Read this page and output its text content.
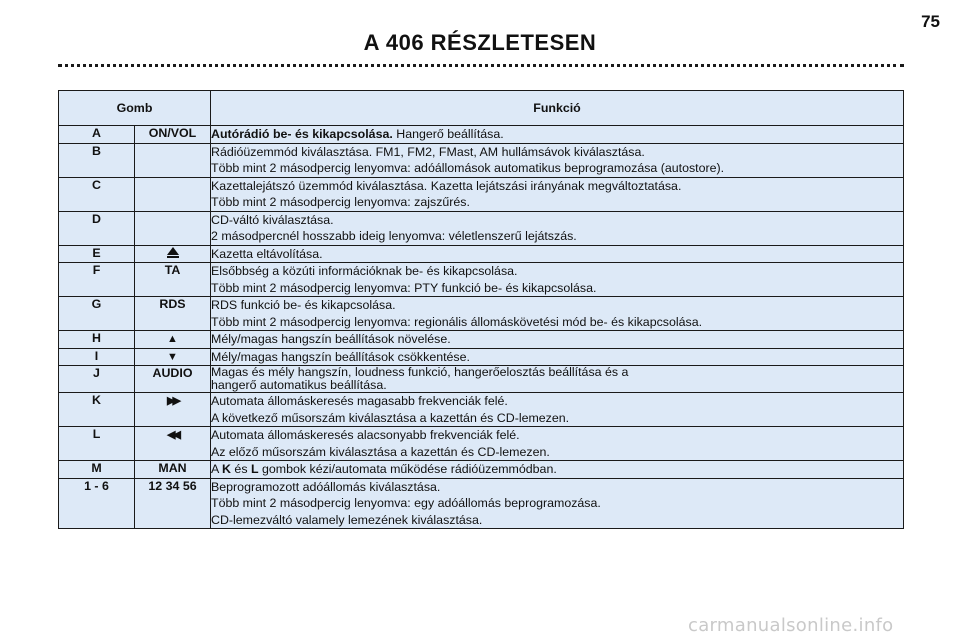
75
A 406 RÉSZLETESEN
Gomb		Funkció
A	ON/VOL	Autórádió be- és kikapcsolása. Hangerő beállítása.

B		Rádióüzemmód kiválasztása. FM1, FM2, FMast, AM hullámsávok kiválasztása.
Több mint 2 másodpercig lenyomva: adóállomások automatikus beprogramozása (autostore).

C		Kazettalejátszó üzemmód kiválasztása. Kazetta lejátszási irányának megváltoztatása.
Több mint 2 másodpercig lenyomva: zajszűrés.

D		CD-váltó kiválasztása.
2 másodpercnél hosszabb ideig lenyomva: véletlenszerű lejátszás.

E		Kazetta eltávolítása.

F	TA	Elsőbbség a közúti információknak be- és kikapcsolása.
Több mint 2 másodpercig lenyomva: PTY funkció be- és kikapcsolása.

G	RDS	RDS funkció be- és kikapcsolása.
Több mint 2 másodpercig lenyomva: regionális állomáskövetési mód be- és kikapcsolása.

H	▲	Mély/magas hangszín beállítások növelése.

I	▼	Mély/magas hangszín beállítások csökkentése.

J	AUDIO	Magas és mély hangszín, loudness funkció, hangerőelosztás beállítása és a
hangerő automatikus beállítása.

K	▶▶	Automata állomáskeresés magasabb frekvenciák felé.
A következő műsorszám kiválasztása a kazettán és CD-lemezen.

L	◀◀	Automata állomáskeresés alacsonyabb frekvenciák felé.
Az előző műsorszám kiválasztása a kazettán és CD-lemezen.

M	MAN	A K és L gombok kézi/automata működése rádióüzemmódban.

1 - 6	12 34 56	Beprogramozott adóállomás kiválasztása.
Több mint 2 másodpercig lenyomva: egy adóállomás beprogramozása.
CD-lemezváltó valamely lemezének kiválasztása.
carmanualsonline.info
